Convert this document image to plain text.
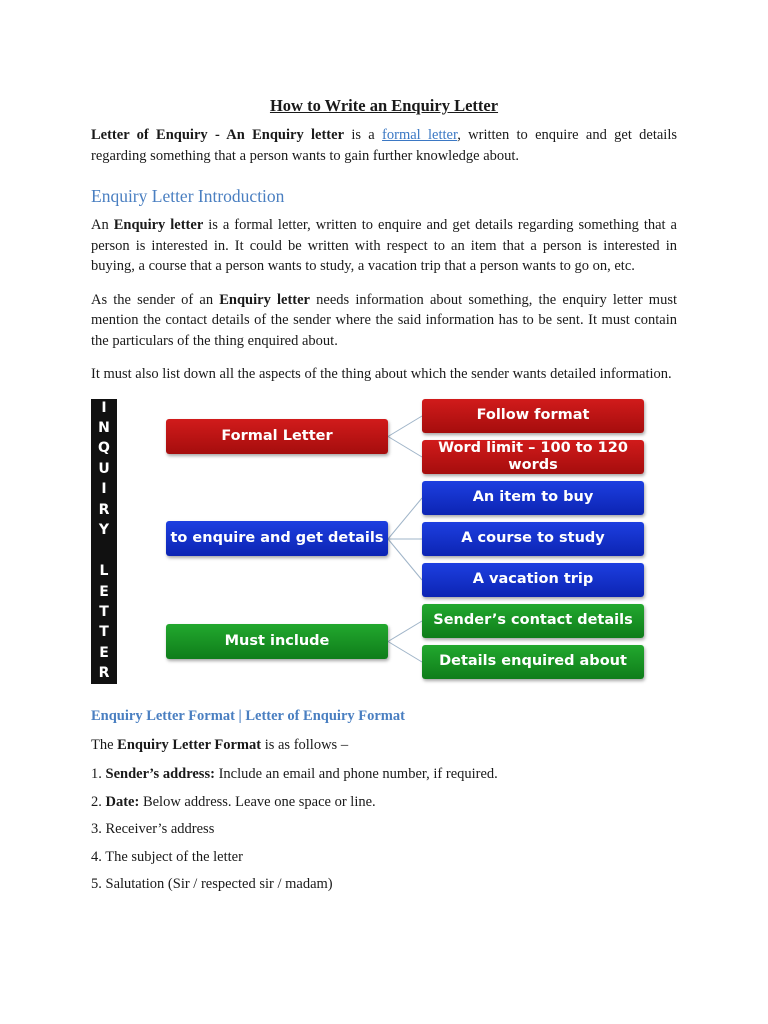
How to Write an Enquiry Letter

Letter of Enquiry - An Enquiry letter is a formal letter, written to enquire and get details regarding something that a person wants to gain further knowledge about.

Enquiry Letter Introduction

An Enquiry letter is a formal letter, written to enquire and get details regarding something that a person is interested in. It could be written with respect to an item that a person is interested in buying, a course that a person wants to study, a vacation trip that a person wants to go on, etc.

As the sender of an Enquiry letter needs information about something, the enquiry letter must mention the contact details of the sender where the said information has to be sent. It must contain the particulars of the thing enquired about.

It must also list down all the aspects of the thing about which the sender wants detailed information.

I
N
Q
U
I
R
Y

L
E
T
T
E
R
Formal Letter
Follow format
Word limit – 100 to 120 words
to enquire and get details
An item to buy
A course to study
A vacation trip
Must include
Sender’s contact details
Details enquired about
Enquiry Letter Format | Letter of Enquiry Format

The Enquiry Letter Format is as follows –

1. Sender’s address: Include an email and phone number, if required.

2. Date: Below address. Leave one space or line.

3. Receiver’s address

4. The subject of the letter

5. Salutation (Sir / respected sir / madam)
